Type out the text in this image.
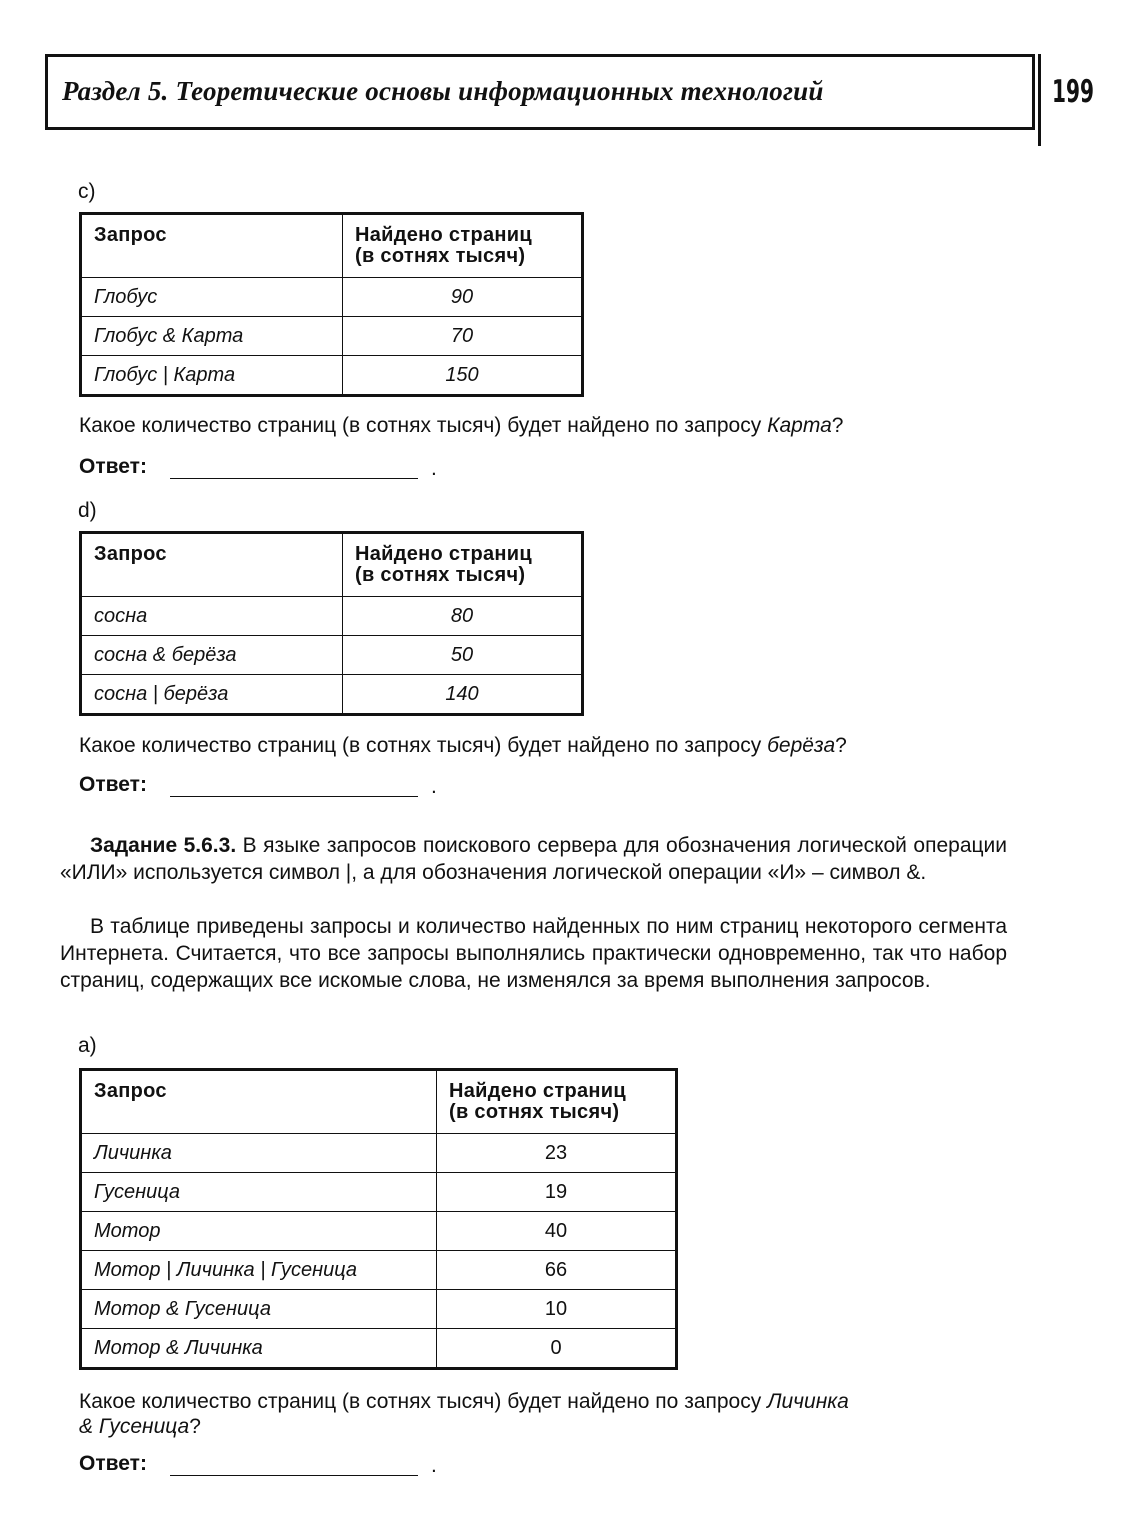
Раздел 5. Теоретические основы информационных технологий	199
c)
Запрос	Найдено страниц
(в сотнях тысяч)
Глобус	90
Глобус & Карта	70
Глобус | Карта	150
Какое количество страниц (в сотнях тысяч) будет найдено по запросу Карта?
Ответ:	.
d)
Запрос	Найдено страниц
(в сотнях тысяч)
сосна	80
сосна & берёза	50
сосна | берёза	140
Какое количество страниц (в сотнях тысяч) будет найдено по запросу берёза?
Ответ:	.
Задание 5.6.3. В языке запросов поискового сервера для обозначения логической операции «ИЛИ» используется символ |, а для обозначения логической операции «И» – символ &.
В таблице приведены запросы и количество найденных по ним страниц некоторого сегмента Интернета. Считается, что все запросы выполнялись практически одновременно, так что набор страниц, содержащих все искомые слова, не изменялся за время выполнения запросов.
a)
Запрос	Найдено страниц
(в сотнях тысяч)
Личинка	23
Гусеница	19
Мотор	40
Мотор | Личинка | Гусеница	66
Мотор & Гусеница	10
Мотор & Личинка	0
Какое количество страниц (в сотнях тысяч) будет найдено по запросу Личинка
& Гусеница?
Ответ:	.
